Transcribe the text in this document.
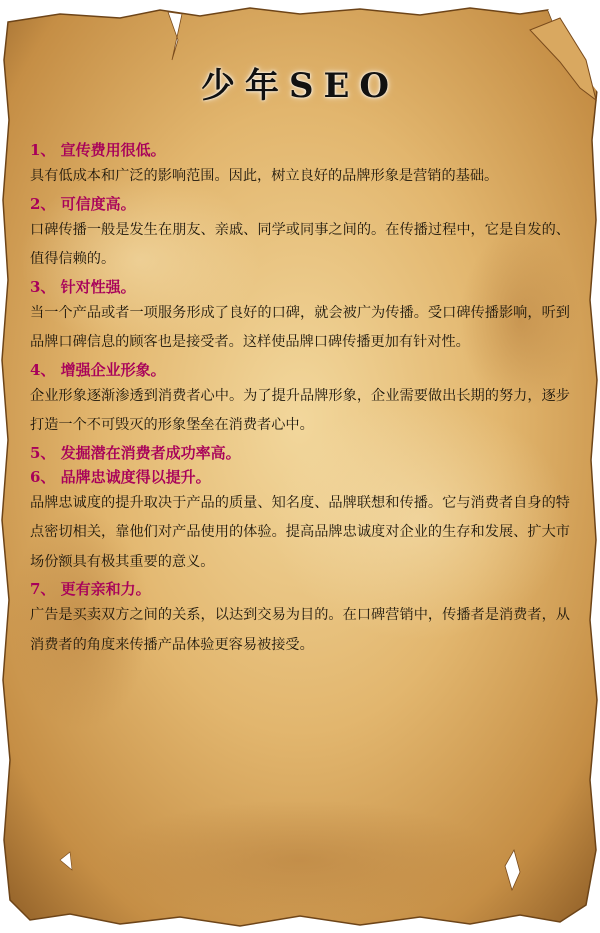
少年SEO

1、 宣传费用很低。

具有低成本和广泛的影响范围。因此，树立良好的品牌形象是营销的基础。

2、 可信度高。

口碑传播一般是发生在朋友、亲戚、同学或同事之间的。在传播过程中，它是自发的、值得信赖的。

3、 针对性强。

当一个产品或者一项服务形成了良好的口碑，就会被广为传播。受口碑传播影响，听到品牌口碑信息的顾客也是接受者。这样使品牌口碑传播更加有针对性。

4、 增强企业形象。

企业形象逐渐渗透到消费者心中。为了提升品牌形象，企业需要做出长期的努力，逐步打造一个不可毁灭的形象堡垒在消费者心中。

5、 发掘潜在消费者成功率高。

6、 品牌忠诚度得以提升。

品牌忠诚度的提升取决于产品的质量、知名度、品牌联想和传播。它与消费者自身的特点密切相关，靠他们对产品使用的体验。提高品牌忠诚度对企业的生存和发展、扩大市场份额具有极其重要的意义。

7、 更有亲和力。

广告是买卖双方之间的关系，以达到交易为目的。在口碑营销中，传播者是消费者，从消费者的角度来传播产品体验更容易被接受。
